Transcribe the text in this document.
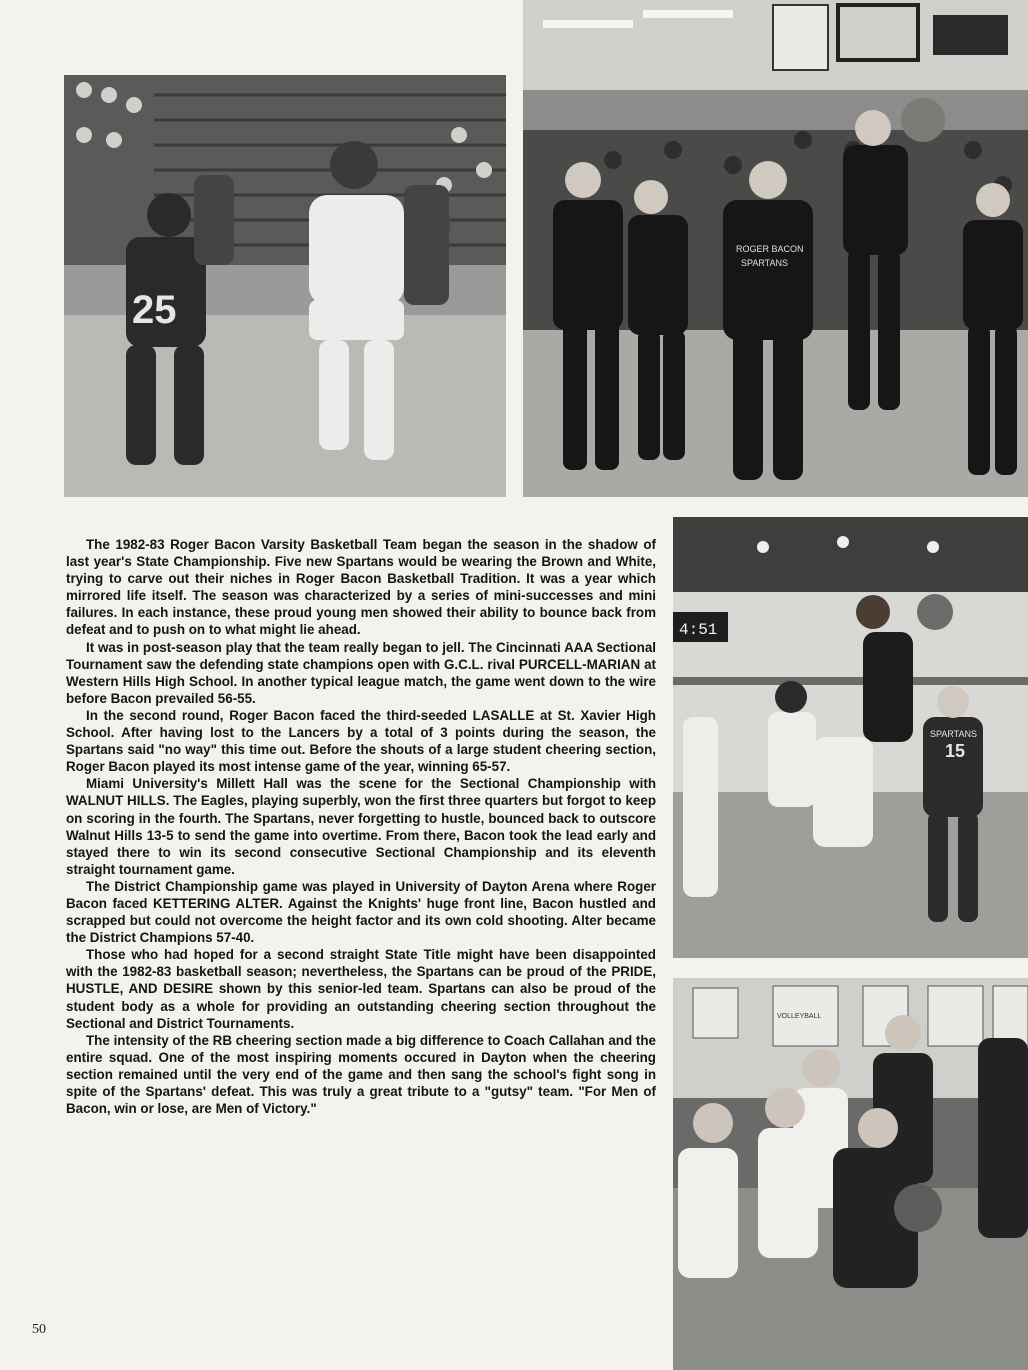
25
ROGER BACON
SPARTANS

The 1982-83 Roger Bacon Varsity Basketball Team began the season in the shadow of last year's State Championship. Five new Spartans would be wearing the Brown and White, trying to carve out their niches in Roger Bacon Basketball Tradition. It was a year which mirrored life itself. The season was characterized by a series of mini-successes and mini failures. In each instance, these proud young men showed their ability to bounce back from defeat and to push on to what might lie ahead.

It was in post-season play that the team really began to jell. The Cincinnati AAA Sectional Tournament saw the defending state champions open with G.C.L. rival PURCELL-MARIAN at Western Hills High School. In another typical league match, the game went down to the wire before Bacon prevailed 56-55.

In the second round, Roger Bacon faced the third-seeded LASALLE at St. Xavier High School. After having lost to the Lancers by a total of 3 points during the season, the Spartans said "no way" this time out. Before the shouts of a large student cheering section, Roger Bacon played its most intense game of the year, winning 65-57.

Miami University's Millett Hall was the scene for the Sectional Championship with WALNUT HILLS. The Eagles, playing superbly, won the first three quarters but forgot to keep on scoring in the fourth. The Spartans, never forgetting to hustle, bounced back to outscore Walnut Hills 13-5 to send the game into overtime. From there, Bacon took the lead early and stayed there to win its second consecutive Sectional Championship and its eleventh straight tournament game.

The District Championship game was played in University of Dayton Arena where Roger Bacon faced KETTERING ALTER. Against the Knights' huge front line, Bacon hustled and scrapped but could not overcome the height factor and its own cold shooting. Alter became the District Champions 57-40.

Those who had hoped for a second straight State Title might have been disappointed with the 1982-83 basketball season; nevertheless, the Spartans can be proud of the PRIDE, HUSTLE, AND DESIRE shown by this senior-led team. Spartans can also be proud of the student body as a whole for providing an outstanding cheering section throughout the Sectional and District Tournaments.

The intensity of the RB cheering section made a big difference to Coach Callahan and the entire squad. One of the most inspiring moments occured in Dayton when the cheering section remained until the very end of the game and then sang the school's fight song in spite of the Spartans' defeat. This was truly a great tribute to a "gutsy" team. "For Men of Bacon, win or lose, are Men of Victory."

4:51
SPARTANS
15
VOLLEYBALL
50
